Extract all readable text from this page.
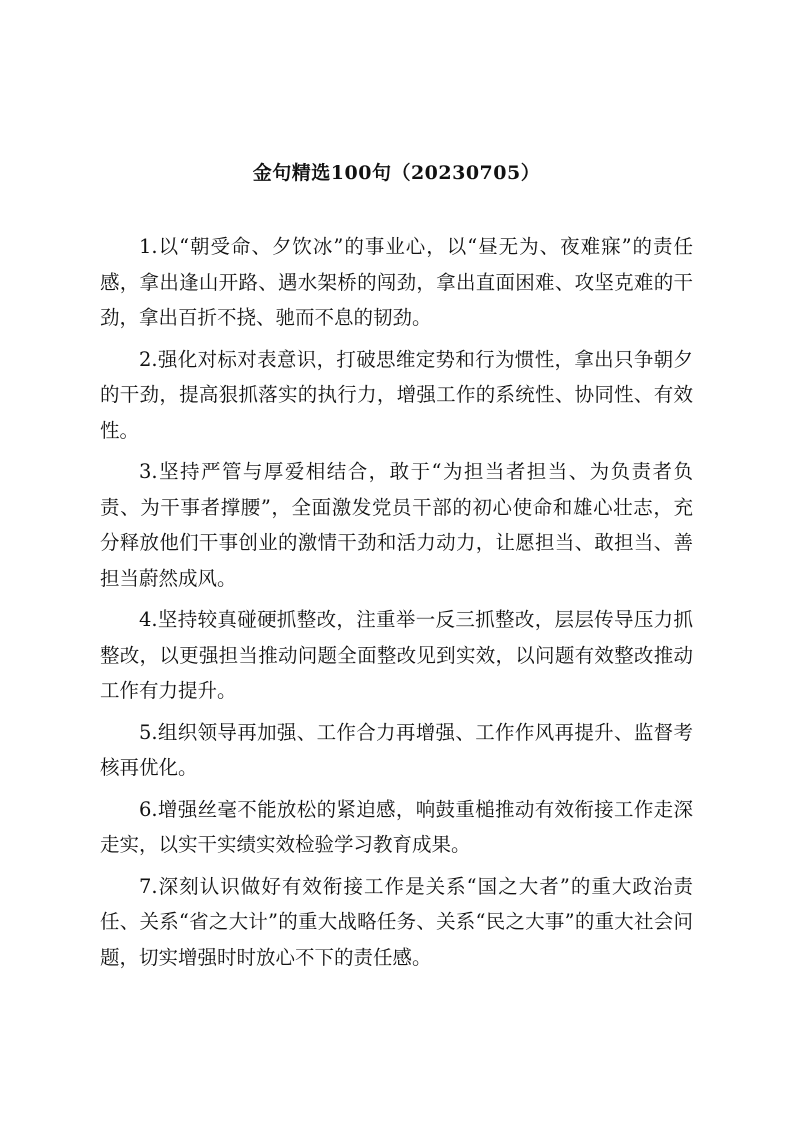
金句精选100句（20230705）

1.以“朝受命、夕饮冰”的事业心，以“昼无为、夜难寐”的责任感，拿出逢山开路、遇水架桥的闯劲，拿出直面困难、攻坚克难的干劲，拿出百折不挠、驰而不息的韧劲。

2.强化对标对表意识，打破思维定势和行为惯性，拿出只争朝夕的干劲，提高狠抓落实的执行力，增强工作的系统性、协同性、有效性。

3.坚持严管与厚爱相结合，敢于“为担当者担当、为负责者负责、为干事者撑腰”，全面激发党员干部的初心使命和雄心壮志，充分释放他们干事创业的激情干劲和活力动力，让愿担当、敢担当、善担当蔚然成风。

4.坚持较真碰硬抓整改，注重举一反三抓整改，层层传导压力抓整改，以更强担当推动问题全面整改见到实效，以问题有效整改推动工作有力提升。

5.组织领导再加强、工作合力再增强、工作作风再提升、监督考核再优化。

6.增强丝毫不能放松的紧迫感，响鼓重槌推动有效衔接工作走深走实，以实干实绩实效检验学习教育成果。

7.深刻认识做好有效衔接工作是关系“国之大者”的重大政治责任、关系“省之大计”的重大战略任务、关系“民之大事”的重大社会问题，切实增强时时放心不下的责任感。
